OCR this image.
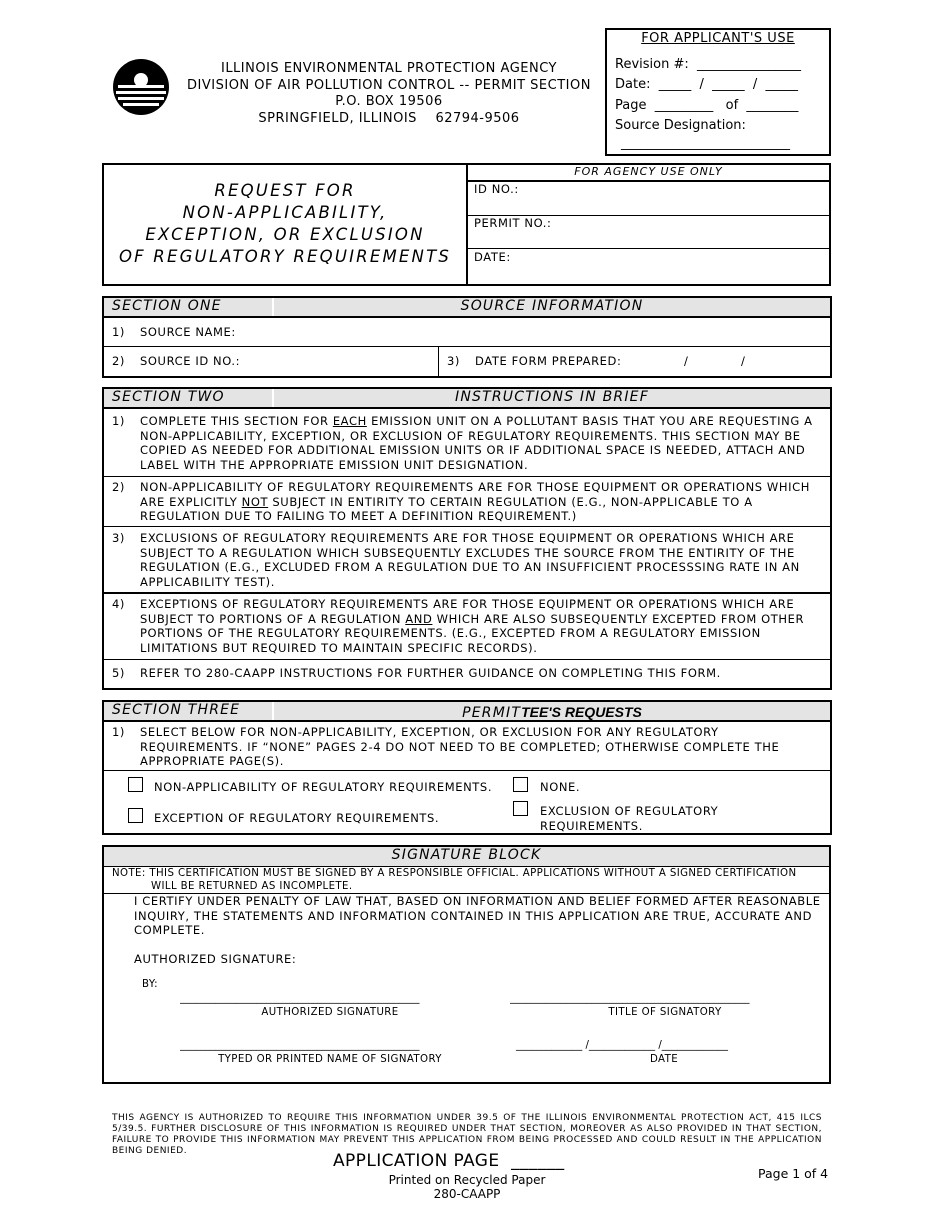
ILLINOIS ENVIRONMENTAL PROTECTION AGENCY
DIVISION OF AIR POLLUTION CONTROL -- PERMIT SECTION
P.O. BOX 19506
SPRINGFIELD, ILLINOIS    62794-9506
FOR APPLICANT'S USE
Revision #:  ________________
Date:  _____  /  _____  /  _____
Page  _________   of  ________
Source Designation:
__________________________
REQUEST FOR
NON-APPLICABILITY,
EXCEPTION, OR EXCLUSION
OF REGULATORY REQUIREMENTS
FOR AGENCY USE ONLY
ID NO.:
PERMIT NO.:
DATE:
SECTION ONE	SOURCE INFORMATION
1) SOURCE NAME:
2) SOURCE ID NO.:	3) DATE FORM PREPARED:	/	/
SECTION TWO	INSTRUCTIONS IN BRIEF
1) COMPLETE THIS SECTION FOR EACH EMISSION UNIT ON A POLLUTANT BASIS THAT YOU ARE REQUESTING A NON-APPLICABILITY, EXCEPTION, OR EXCLUSION OF REGULATORY REQUIREMENTS. THIS SECTION MAY BE COPIED AS NEEDED FOR ADDITIONAL EMISSION UNITS OR IF ADDITIONAL SPACE IS NEEDED, ATTACH AND LABEL WITH THE APPROPRIATE EMISSION UNIT DESIGNATION.
2) NON-APPLICABILITY OF REGULATORY REQUIREMENTS ARE FOR THOSE EQUIPMENT OR OPERATIONS WHICH ARE EXPLICITLY NOT SUBJECT IN ENTIRITY TO CERTAIN REGULATION (E.G., NON-APPLICABLE TO A REGULATION DUE TO FAILING TO MEET A DEFINITION REQUIREMENT.)
3) EXCLUSIONS OF REGULATORY REQUIREMENTS ARE FOR THOSE EQUIPMENT OR OPERATIONS WHICH ARE SUBJECT TO A REGULATION WHICH SUBSEQUENTLY EXCLUDES THE SOURCE FROM THE ENTIRITY OF THE REGULATION (E.G., EXCLUDED FROM A REGULATION DUE TO AN INSUFFICIENT PROCESSSING RATE IN AN APPLICABILITY TEST).
4) EXCEPTIONS OF REGULATORY REQUIREMENTS ARE FOR THOSE EQUIPMENT OR OPERATIONS WHICH ARE SUBJECT TO PORTIONS OF A REGULATION AND WHICH ARE ALSO SUBSEQUENTLY EXCEPTED FROM OTHER PORTIONS OF THE REGULATORY REQUIREMENTS. (E.G., EXCEPTED FROM A REGULATORY EMISSION LIMITATIONS BUT REQUIRED TO MAINTAIN SPECIFIC RECORDS).
5) REFER TO 280-CAAPP INSTRUCTIONS FOR FURTHER GUIDANCE ON COMPLETING THIS FORM.
SECTION THREE	PERMITTEE'S REQUESTS
1) SELECT BELOW FOR NON-APPLICABILITY, EXCEPTION, OR EXCLUSION FOR ANY REGULATORY REQUIREMENTS. IF “NONE” PAGES 2-4 DO NOT NEED TO BE COMPLETED; OTHERWISE COMPLETE THE APPROPRIATE PAGE(S).
NON-APPLICABILITY OF REGULATORY REQUIREMENTS.	NONE.
EXCEPTION OF REGULATORY REQUIREMENTS.	EXCLUSION OF REGULATORY
REQUIREMENTS.
SIGNATURE BLOCK
NOTE: THIS CERTIFICATION MUST BE SIGNED BY A RESPONSIBLE OFFICIAL. APPLICATIONS WITHOUT A SIGNED CERTIFICATION
WILL BE RETURNED AS INCOMPLETE.
I CERTIFY UNDER PENALTY OF LAW THAT, BASED ON INFORMATION AND BELIEF FORMED AFTER REASONABLE INQUIRY, THE STATEMENTS AND INFORMATION CONTAINED IN THIS APPLICATION ARE TRUE, ACCURATE AND COMPLETE.
AUTHORIZED SIGNATURE:
BY:
_______________________________________________
AUTHORIZED SIGNATURE
_______________________________________________
TITLE OF SIGNATORY
_______________________________________________
TYPED OR PRINTED NAME OF SIGNATORY
_____________ /_____________ /_____________
DATE
THIS AGENCY IS AUTHORIZED TO REQUIRE THIS INFORMATION UNDER 39.5 OF THE ILLINOIS ENVIRONMENTAL PROTECTION ACT, 415 ILCS 5/39.5. FURTHER DISCLOSURE OF THIS INFORMATION IS REQUIRED UNDER THAT SECTION, MOREOVER AS ALSO PROVIDED IN THAT SECTION, FAILURE TO PROVIDE THIS INFORMATION MAY PREVENT THIS APPLICATION FROM BEING PROCESSED AND COULD RESULT IN THE APPLICATION BEING DENIED.	APPLICATION PAGE  ______
Printed on Recycled Paper
280-CAAPP
Page 1 of 4
